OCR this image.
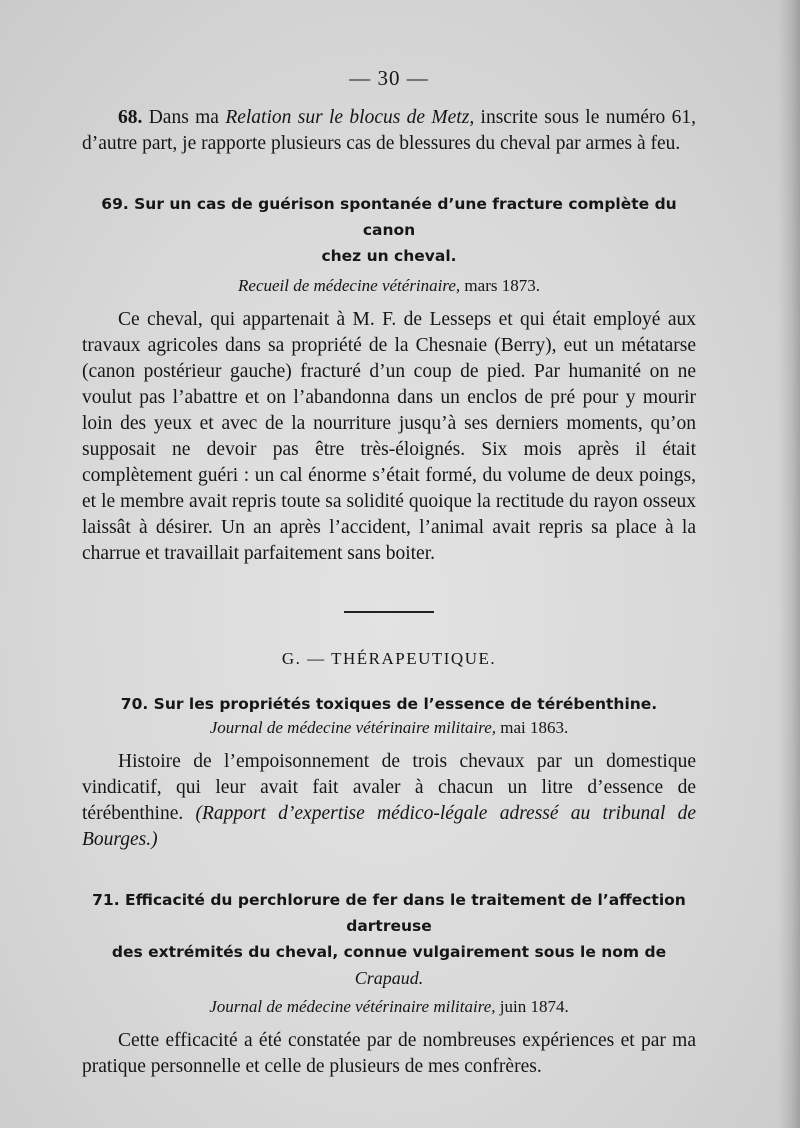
— 30 —

68. Dans ma Relation sur le blocus de Metz, inscrite sous le numéro 61, d’autre part, je rapporte plusieurs cas de blessures du cheval par armes à feu.

69. Sur un cas de guérison spontanée d’une fracture complète du canon

chez un cheval.

Recueil de médecine vétérinaire, mars 1873.

Ce cheval, qui appartenait à M. F. de Lesseps et qui était employé aux travaux agricoles dans sa propriété de la Chesnaie (Berry), eut un métatarse (canon postérieur gauche) fracturé d’un coup de pied. Par humanité on ne voulut pas l’abattre et on l’abandonna dans un enclos de pré pour y mourir loin des yeux et avec de la nourriture jusqu’à ses derniers moments, qu’on supposait ne devoir pas être très-éloignés. Six mois après il était complètement guéri : un cal énorme s’était formé, du volume de deux poings, et le membre avait repris toute sa solidité quoique la rectitude du rayon osseux laissât à désirer. Un an après l’accident, l’animal avait repris sa place à la charrue et travaillait parfaitement sans boiter.

G. — THÉRAPEUTIQUE.

70. Sur les propriétés toxiques de l’essence de térébenthine.

Journal de médecine vétérinaire militaire, mai 1863.

Histoire de l’empoisonnement de trois chevaux par un domestique vindicatif, qui leur avait fait avaler à chacun un litre d’essence de térébenthine. (Rapport d’expertise médico-légale adressé au tribunal de Bourges.)

71. Efficacité du perchlorure de fer dans le traitement de l’affection dartreuse

des extrémités du cheval, connue vulgairement sous le nom de Crapaud.

Journal de médecine vétérinaire militaire, juin 1874.

Cette efficacité a été constatée par de nombreuses expériences et par ma pratique personnelle et celle de plusieurs de mes confrères.
